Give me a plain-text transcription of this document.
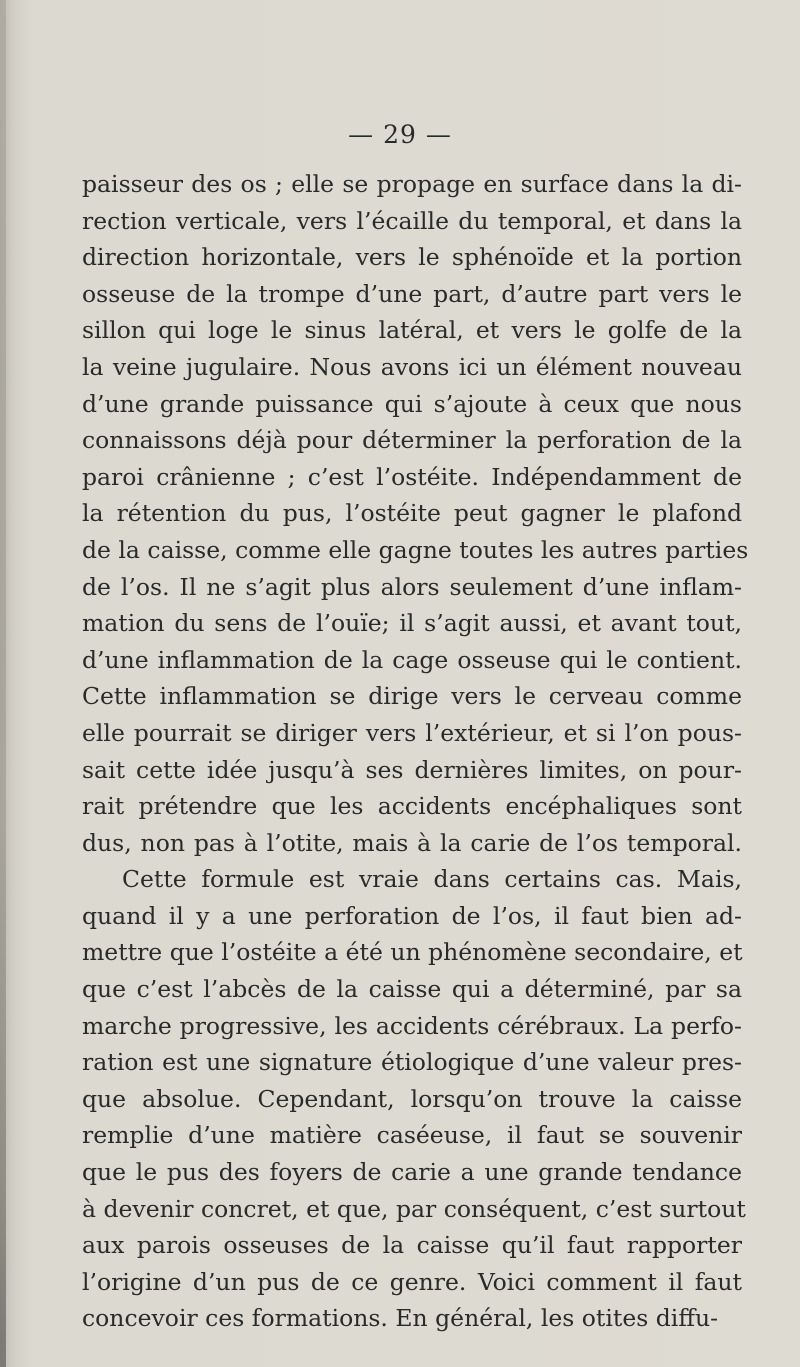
— 29 —
paisseur des os ; elle se propage en surface dans la di-
rection verticale, vers l’écaille du temporal, et dans la
direction horizontale, vers le sphénoïde et la portion
osseuse de la trompe d’une part, d’autre part vers le
sillon qui loge le sinus latéral, et vers le golfe de la
la veine jugulaire. Nous avons ici un élément nouveau
d’une grande puissance qui s’ajoute à ceux que nous
connaissons déjà pour déterminer la perforation de la
paroi crânienne ; c’est l’ostéite. Indépendamment de
la rétention du pus, l’ostéite peut gagner le plafond
de la caisse, comme elle gagne toutes les autres parties
de l’os. Il ne s’agit plus alors seulement d’une inflam-
mation du sens de l’ouïe; il s’agit aussi, et avant tout,
d’une inflammation de la cage osseuse qui le contient.
Cette inflammation se dirige vers le cerveau comme
elle pourrait se diriger vers l’extérieur, et si l’on pous-
sait cette idée jusqu’à ses dernières limites, on pour-
rait prétendre que les accidents encéphaliques sont
dus, non pas à l’otite, mais à la carie de l’os temporal.
Cette formule est vraie dans certains cas. Mais,
quand il y a une perforation de l’os, il faut bien ad-
mettre que l’ostéite a été un phénomène secondaire, et
que c’est l’abcès de la caisse qui a déterminé, par sa
marche progressive, les accidents cérébraux. La perfo-
ration est une signature étiologique d’une valeur pres-
que absolue. Cependant, lorsqu’on trouve la caisse
remplie d’une matière caséeuse, il faut se souvenir
que le pus des foyers de carie a une grande tendance
à devenir concret, et que, par conséquent, c’est surtout
aux parois osseuses de la caisse qu’il faut rapporter
l’origine d’un pus de ce genre. Voici comment il faut
concevoir ces formations. En général, les otites diffu-
